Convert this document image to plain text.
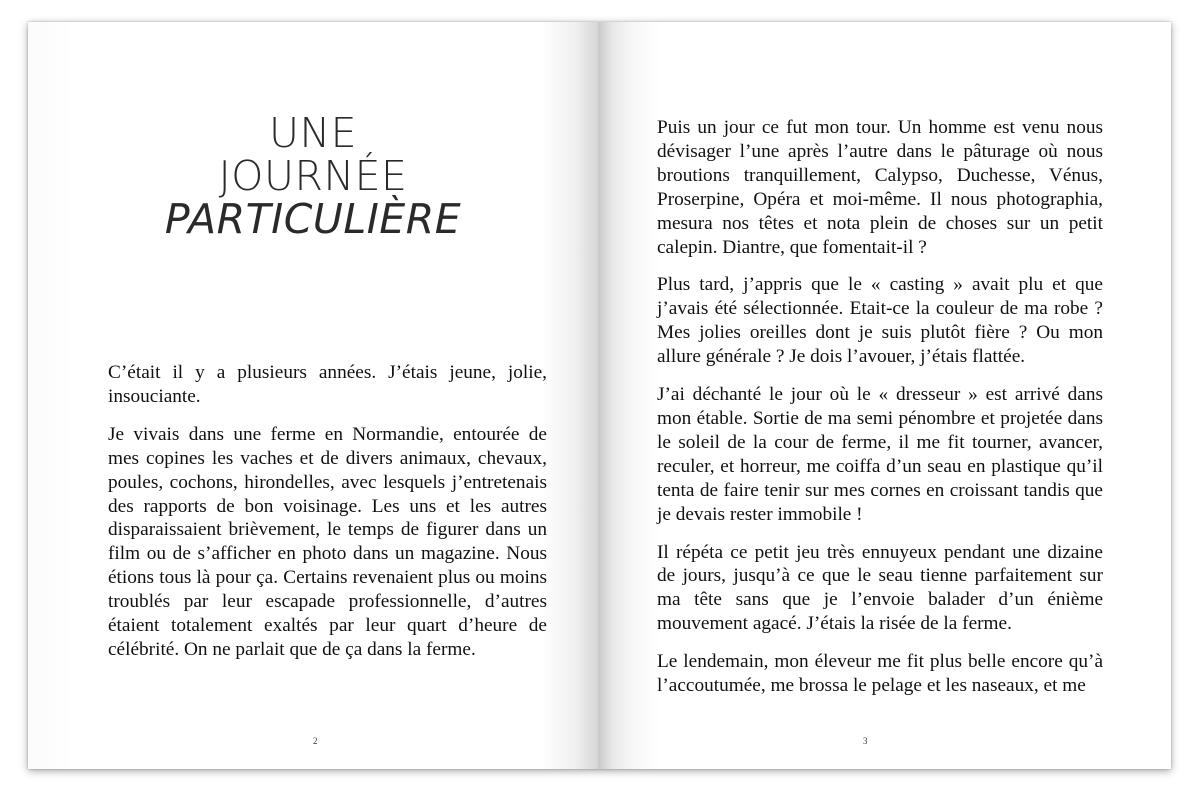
UNE
JOURNÉE
PARTICULIÈRE

C’était il y a plusieurs années. J’étais jeune, jolie, insouciante.

Je vivais dans une ferme en Normandie, entourée de mes copines les vaches et de divers animaux, chevaux, poules, cochons, hirondelles, avec lesquels j’entretenais des rapports de bon voisinage. Les uns et les autres disparaissaient brièvement, le temps de figurer dans un film ou de s’afficher en photo dans un magazine. Nous étions tous là pour ça. Certains revenaient plus ou moins troublés par leur escapade professionnelle, d’autres étaient totalement exaltés par leur quart d’heure de célébrité. On ne parlait que de ça dans la ferme.

2

Puis un jour ce fut mon tour. Un homme est venu nous dévisager l’une après l’autre dans le pâturage où nous broutions tranquillement, Calypso, Duchesse, Vénus, Proserpine, Opéra et moi-même. Il nous photographia, mesura nos têtes et nota plein de choses sur un petit calepin. Diantre, que fomentait-il ?

Plus tard, j’appris que le « casting » avait plu et que j’avais été sélectionnée. Etait-ce la couleur de ma robe ? Mes jolies oreilles dont je suis plutôt fière ? Ou mon allure générale ? Je dois l’avouer, j’étais flattée.

J’ai déchanté le jour où le « dresseur » est arrivé dans mon étable. Sortie de ma semi pénombre et projetée dans le soleil de la cour de ferme, il me fit tourner, avancer, reculer, et horreur, me coiffa d’un seau en plastique qu’il tenta de faire tenir sur mes cornes en croissant tandis que je devais rester immobile !

Il répéta ce petit jeu très ennuyeux pendant une dizaine de jours, jusqu’à ce que le seau tienne parfaitement sur ma tête sans que je l’envoie balader d’un énième mouvement agacé. J’étais la risée de la ferme.

Le lendemain, mon éleveur me fit plus belle encore qu’à l’accoutumée, me brossa le pelage et les naseaux, et me

3
